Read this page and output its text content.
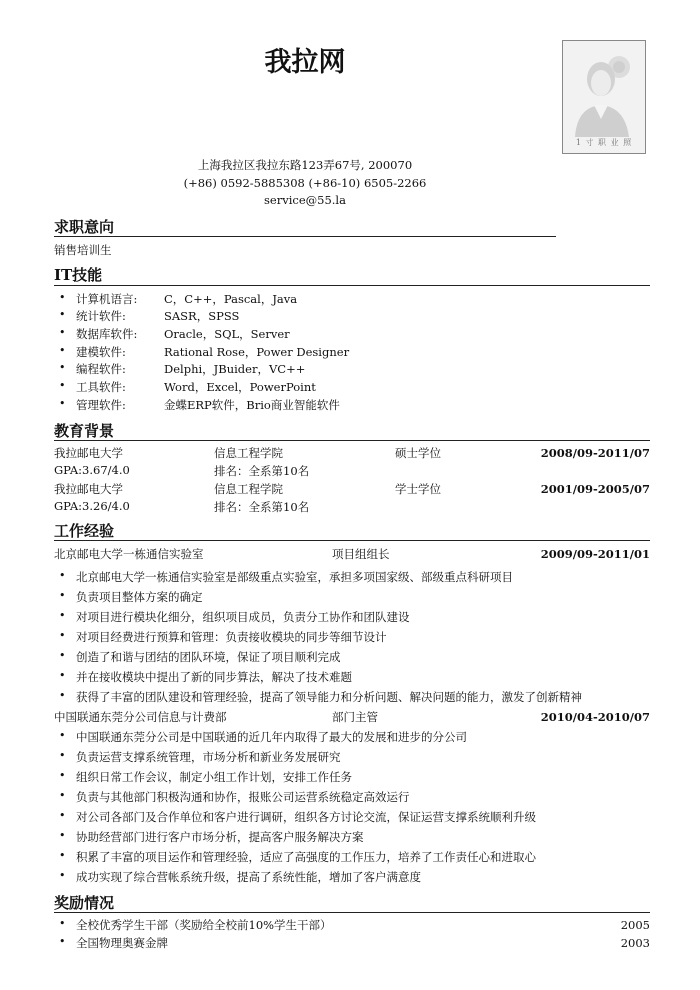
我拉网
1 寸 职 业 照
上海我拉区我拉东路123弄67号, 200070
(+86) 0592-5885308 (+86-10) 6505-2266
service@55.la
求职意向
销售培训生
IT技能
• 计算机语言: C，C++，Pascal，Java
• 统计软件:	SASR，SPSS
• 数据库软件: Oracle，SQL，Server
• 建模软件:	Rational Rose，Power Designer
• 编程软件:	Delphi，JBuider，VC++
• 工具软件:	Word，Excel，PowerPoint
• 管理软件:	金蝶ERP软件，Brio商业智能软件
教育背景
我拉邮电大学	信息工程学院	硕士学位	2008/09-2011/07
GPA:3.67/4.0	排名：全系第10名
我拉邮电大学	信息工程学院	学士学位	2001/09-2005/07
GPA:3.26/4.0	排名：全系第10名
工作经验
北京邮电大学一栋通信实验室	项目组组长	2009/09-2011/01
• 北京邮电大学一栋通信实验室是部级重点实验室，承担多项国家级、部级重点科研项目
• 负责项目整体方案的确定
• 对项目进行模块化细分，组织项目成员，负责分工协作和团队建设
• 对项目经费进行预算和管理：负责接收模块的同步等细节设计
• 创造了和谐与团结的团队环境，保证了项目顺利完成
• 并在接收模块中提出了新的同步算法，解决了技术难题
• 获得了丰富的团队建设和管理经验，提高了领导能力和分析问题、解决问题的能力，激发了创新精神
中国联通东莞分公司信息与计费部	部门主管	2010/04-2010/07
• 中国联通东莞分公司是中国联通的近几年内取得了最大的发展和进步的分公司
• 负责运营支撑系统管理，市场分析和新业务发展研究
• 组织日常工作会议，制定小组工作计划，安排工作任务
• 负责与其他部门积极沟通和协作，报账公司运营系统稳定高效运行
• 对公司各部门及合作单位和客户进行调研，组织各方讨论交流，保证运营支撑系统顺利升级
• 协助经营部门进行客户市场分析，提高客户服务解决方案
• 积累了丰富的项目运作和管理经验，适应了高强度的工作压力，培养了工作责任心和进取心
• 成功实现了综合营帐系统升级，提高了系统性能，增加了客户满意度
奖励情况
• 全校优秀学生干部（奖励给全校前10%学生干部）	2005
• 全国物理奥赛金牌	2003
